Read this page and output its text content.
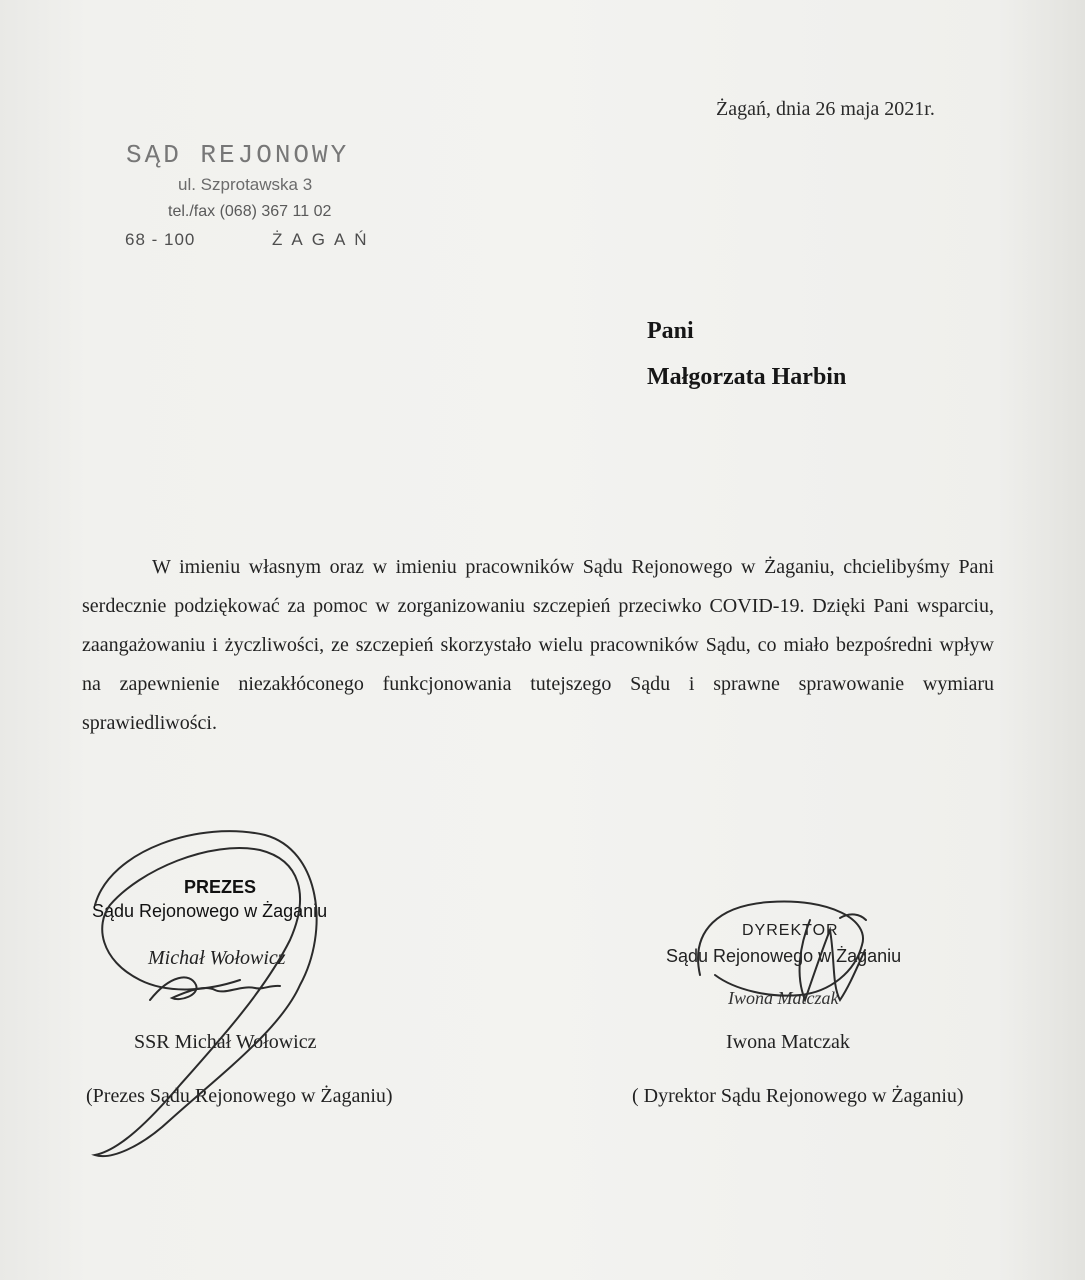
Żagań, dnia 26 maja 2021r.
SĄD REJONOWY
ul. Szprotawska 3
tel./fax (068) 367 11 02
68 - 100	ŻAGAŃ
Pani
Małgorzata Harbin

W imieniu własnym oraz w imieniu pracowników Sądu Rejonowego w Żaganiu, chcielibyśmy Pani serdecznie podziękować za pomoc w zorganizowaniu szczepień przeciwko COVID-19. Dzięki Pani wsparciu, zaangażowaniu i życzliwości, ze szczepień skorzystało wielu pracowników Sądu, co miało bezpośredni wpływ na zapewnienie niezakłóconego funkcjonowania tutejszego Sądu i sprawne sprawowanie wymiaru sprawiedliwości.

PREZES
Sądu Rejonowego w Żaganiu
Michał Wołowicz
SSR Michał Wołowicz
(Prezes Sądu Rejonowego w Żaganiu)
DYREKTOR
Sądu Rejonowego w Żaganiu
Iwona Matczak
Iwona Matczak
( Dyrektor Sądu Rejonowego w Żaganiu)
